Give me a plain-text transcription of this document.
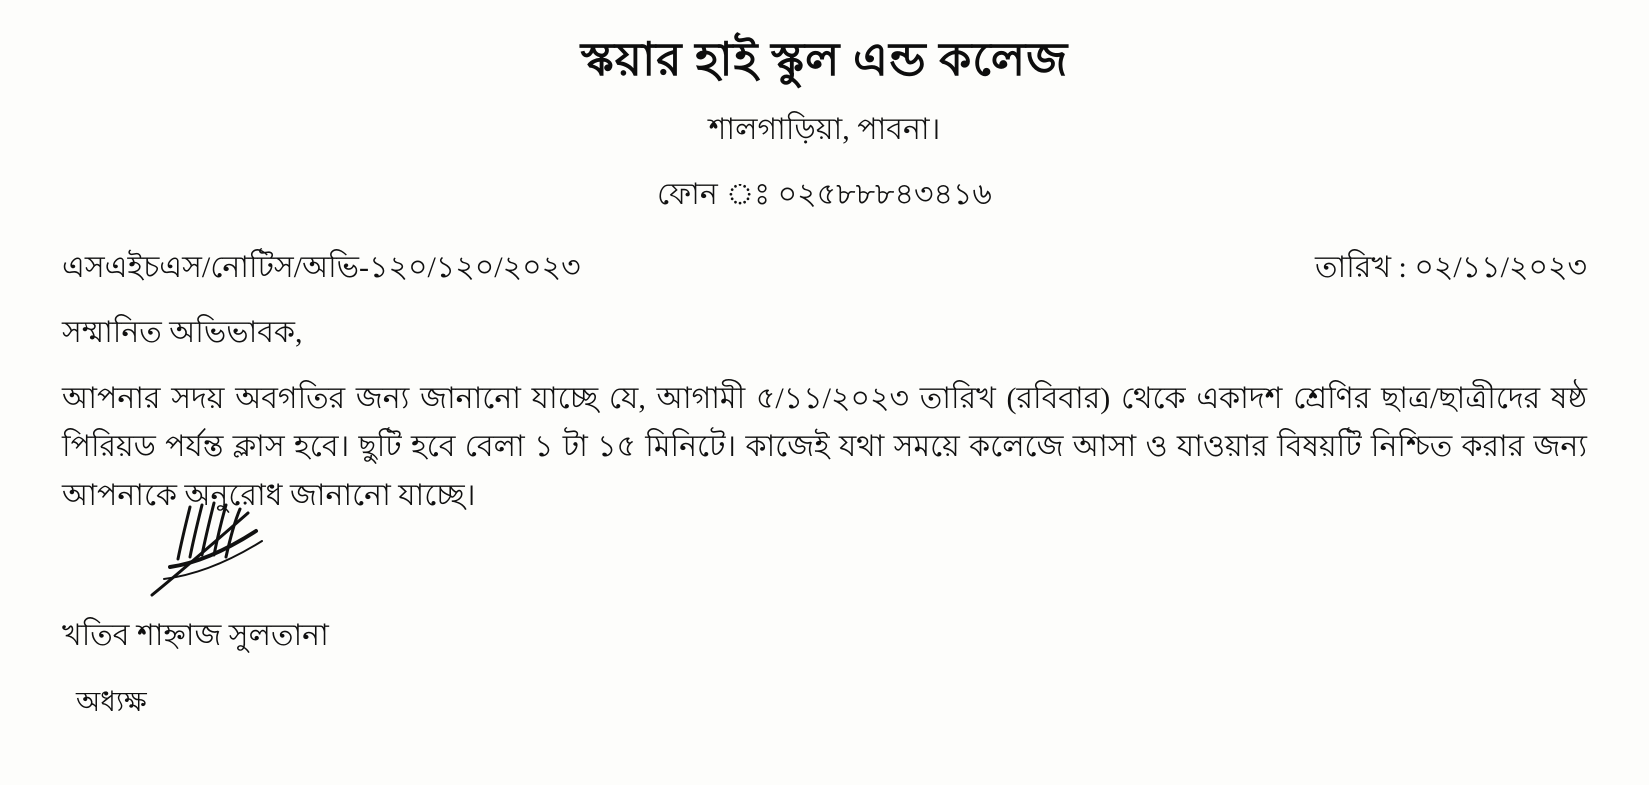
স্কয়ার হাই স্কুল এন্ড কলেজ
শালগাড়িয়া, পাবনা।
ফোন ঃ ০২৫৮৮৮৪৩৪১৬
এসএইচএস/নোটিস/অভি-১২০/১২০/২০২৩	তারিখ : ০২/১১/২০২৩
সম্মানিত অভিভাবক,
আপনার সদয় অবগতির জন্য জানানো যাচ্ছে যে, আগামী ৫/১১/২০২৩ তারিখ (রবিবার) থেকে একাদশ শ্রেণির ছাত্র/ছাত্রীদের ষষ্ঠ পিরিয়ড পর্যন্ত ক্লাস হবে। ছুটি হবে বেলা ১ টা ১৫ মিনিটে। কাজেই যথা সময়ে কলেজে আসা ও যাওয়ার বিষয়টি নিশ্চিত করার জন্য আপনাকে অনুরোধ জানানো যাচ্ছে।
খতিব শাহ্নাজ সুলতানা
অধ্যক্ষ
